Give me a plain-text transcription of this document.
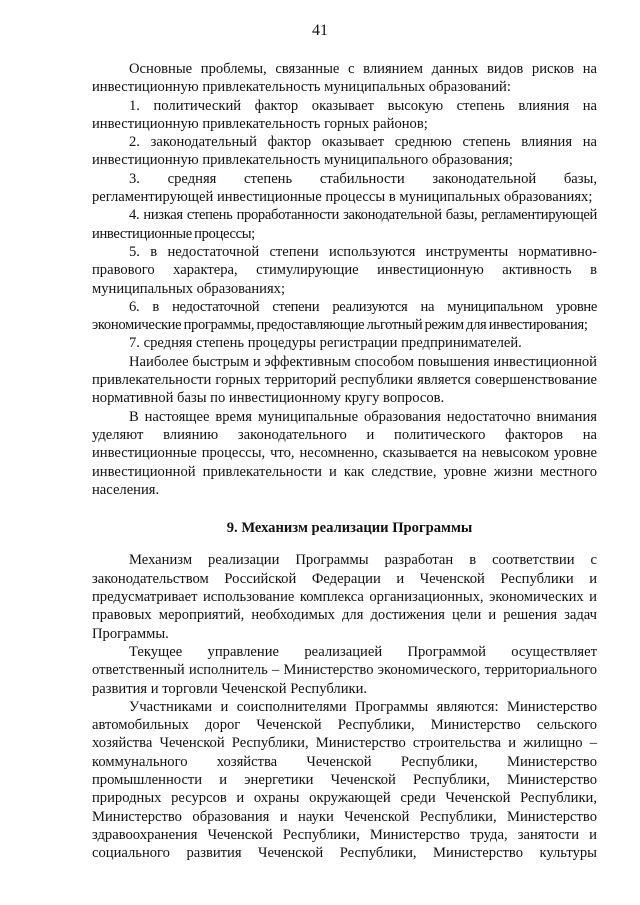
41

Основные проблемы, связанные с влиянием данных видов рисков на инвестиционную привлекательность муниципальных образований:

1. политический фактор оказывает высокую степень влияния на инвестиционную привлекательность горных районов;

2. законодательный фактор оказывает среднюю степень влияния на инвестиционную привлекательность муниципального образования;

3. средняя степень стабильности законодательной базы, регламентирующей инвестиционные процессы в муниципальных образованиях;

4. низкая степень проработанности законодательной базы, регламентирующей инвестиционные процессы;

5. в недостаточной степени используются инструменты нормативно-правового характера, стимулирующие инвестиционную активность в муниципальных образованиях;

6. в недостаточной степени реализуются на муниципальном уровне экономические программы, предоставляющие льготный режим для инвестирования;

7. средняя степень процедуры регистрации предпринимателей.

Наиболее быстрым и эффективным способом повышения инвестиционной привлекательности горных территорий республики является совершенствование нормативной базы по инвестиционному кругу вопросов.

В настоящее время муниципальные образования недостаточно внимания уделяют влиянию законодательного и политического факторов на инвестиционные процессы, что, несомненно, сказывается на невысоком уровне инвестиционной привлекательности и как следствие, уровне жизни местного населения.

9. Механизм реализации Программы

Механизм реализации Программы разработан в соответствии с законодательством Российской Федерации и Чеченской Республики и предусматривает использование комплекса организационных, экономических и правовых мероприятий, необходимых для достижения цели и решения задач Программы.

Текущее управление реализацией Программой осуществляет ответственный исполнитель – Министерство экономического, территориального развития и торговли Чеченской Республики.

Участниками и соисполнителями Программы являются: Министерство автомобильных дорог Чеченской Республики, Министерство сельского хозяйства Чеченской Республики, Министерство строительства и жилищно – коммунального хозяйства Чеченской Республики, Министерство промышленности и энергетики Чеченской Республики, Министерство природных ресурсов и охраны окружающей среди Чеченской Республики, Министерство образования и науки Чеченской Республики, Министерство здравоохранения Чеченской Республики, Министерство труда, занятости и социального развития Чеченской Республики, Министерство культуры
